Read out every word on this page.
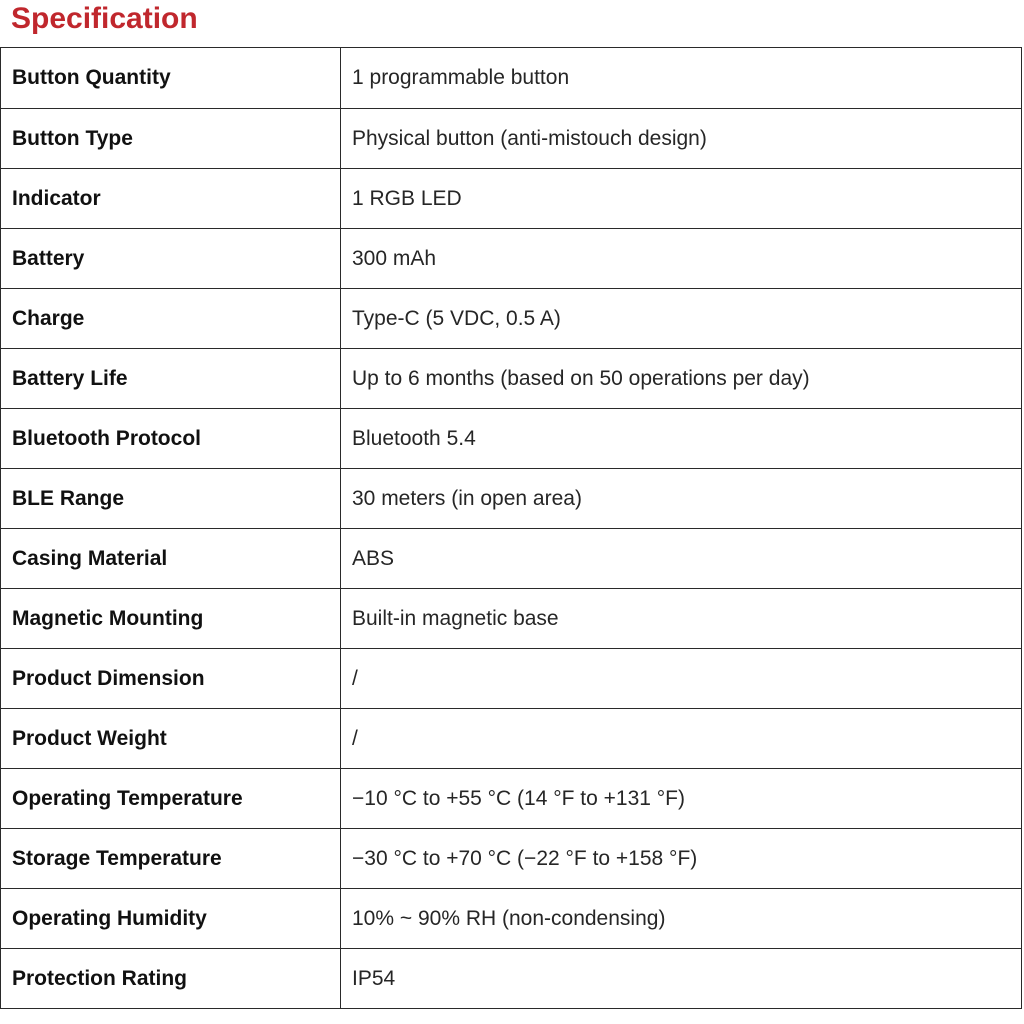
Specification
Button Quantity	1 programmable button
Button Type	Physical button (anti-mistouch design)
Indicator	1 RGB LED
Battery	300 mAh
Charge	Type-C (5 VDC, 0.5 A)
Battery Life	Up to 6 months (based on 50 operations per day)
Bluetooth Protocol	Bluetooth 5.4
BLE Range	30 meters (in open area)
Casing Material	ABS
Magnetic Mounting	Built-in magnetic base
Product Dimension	/
Product Weight	/
Operating Temperature	−10 °C to +55 °C (14 °F to +131 °F)
Storage Temperature	−30 °C to +70 °C (−22 °F to +158 °F)
Operating Humidity	10% ~ 90% RH (non-condensing)
Protection Rating	IP54
